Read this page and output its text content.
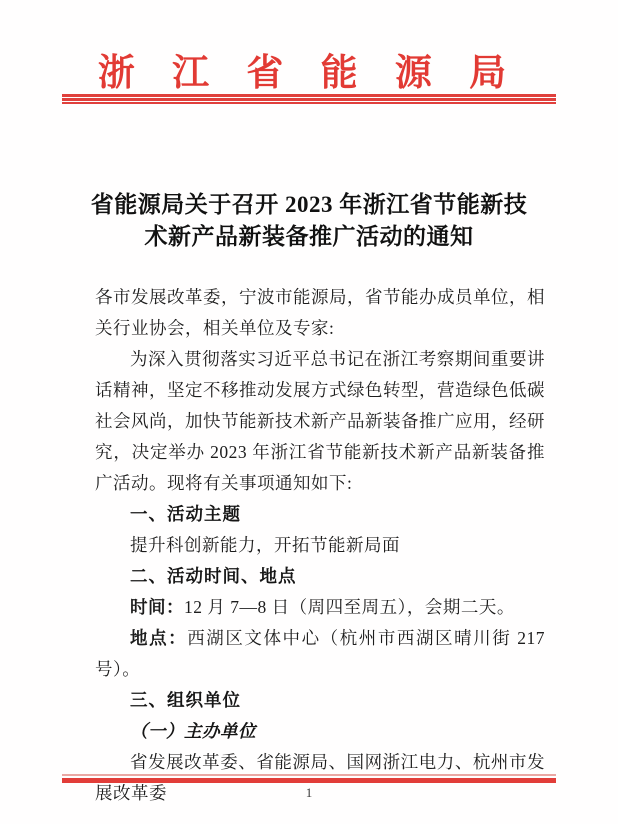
浙 江 省 能 源 局
省能源局关于召开 2023 年浙江省节能新技
术新产品新装备推广活动的通知

各市发展改革委，宁波市能源局，省节能办成员单位，相关行业协会，相关单位及专家:

为深入贯彻落实习近平总书记在浙江考察期间重要讲话精神，坚定不移推动发展方式绿色转型，营造绿色低碳社会风尚，加快节能新技术新产品新装备推广应用，经研究，决定举办 2023 年浙江省节能新技术新产品新装备推广活动。现将有关事项通知如下:

一、活动主题

提升科创新能力，开拓节能新局面

二、活动时间、地点

时间：12 月 7—8 日（周四至周五），会期二天。

地点：西湖区文体中心（杭州市西湖区晴川街 217 号）。

三、组织单位

（一）主办单位

省发展改革委、省能源局、国网浙江电力、杭州市发展改革委	1
